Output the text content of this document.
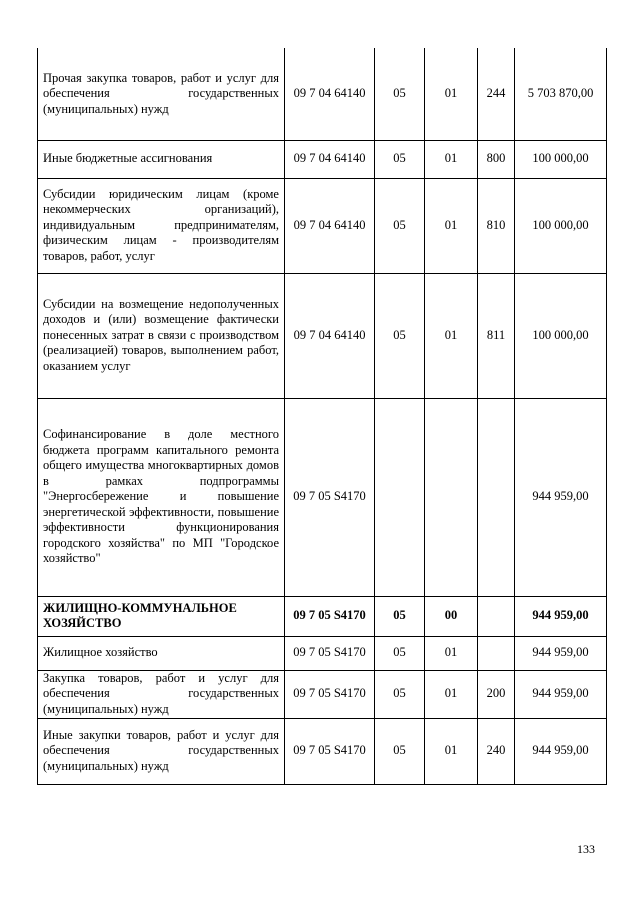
Прочая закупка товаров, работ и услуг для обеспечения государственных (муниципальных) нужд	09 7 04 64140	05	01	244	5 703 870,00
Иные бюджетные ассигнования	09 7 04 64140	05	01	800	100 000,00
Субсидии юридическим лицам (кроме некоммерческих организаций), индивидуальным предпринимателям, физическим лицам - производителям товаров, работ, услуг	09 7 04 64140	05	01	810	100 000,00
Субсидии на возмещение недополученных доходов и (или) возмещение фактически понесенных затрат в связи с производством (реализацией) товаров, выполнением работ, оказанием услуг	09 7 04 64140	05	01	811	100 000,00
Софинансирование в доле местного бюджета программ капитального ремонта общего имущества многоквартирных домов в рамках подпрограммы "Энергосбережение и повышение энергетической эффективности, повышение эффективности функционирования городского хозяйства" по МП "Городское хозяйство"	09 7 05 S4170				944 959,00
ЖИЛИЩНО-КОММУНАЛЬНОЕ ХОЗЯЙСТВО	09 7 05 S4170	05	00		944 959,00
Жилищное хозяйство	09 7 05 S4170	05	01		944 959,00
Закупка товаров, работ и услуг для обеспечения государственных (муниципальных) нужд	09 7 05 S4170	05	01	200	944 959,00
Иные закупки товаров, работ и услуг для обеспечения государственных (муниципальных) нужд	09 7 05 S4170	05	01	240	944 959,00
133
